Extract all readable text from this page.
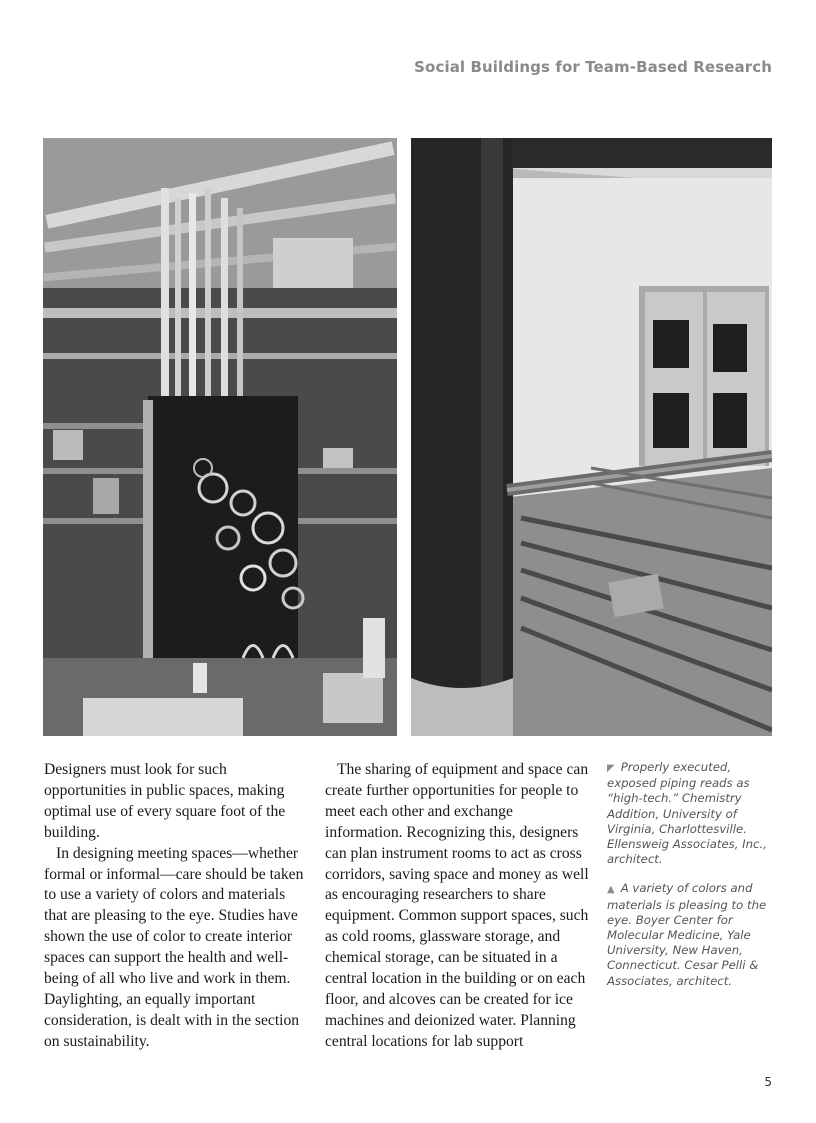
Social Buildings for Team-Based Research

Designers must look for such opportunities in public spaces, making optimal use of every square foot of the building.

In designing meeting spaces—whether formal or informal—care should be taken to use a variety of colors and materials that are pleasing to the eye. Studies have shown the use of color to create interior spaces can support the health and well-being of all who live and work in them. Daylighting, an equally important consideration, is dealt with in the section on sustainability.

The sharing of equipment and space can create further opportunities for people to meet each other and exchange information. Recognizing this, designers can plan instrument rooms to act as cross corridors, saving space and money as well as encouraging researchers to share equipment. Common support spaces, such as cold rooms, glassware storage, and chemical storage, can be situated in a central location in the building or on each floor, and alcoves can be created for ice machines and deionized water. Planning central locations for lab support

◤ Properly executed, exposed piping reads as “high-tech.” Chemistry Addition, University of Virginia, Charlottesville. Ellensweig Associates, Inc., architect.

▲ A variety of colors and materials is pleasing to the eye. Boyer Center for Molecular Medicine, Yale University, New Haven, Connecticut. Cesar Pelli & Associates, architect.

5
